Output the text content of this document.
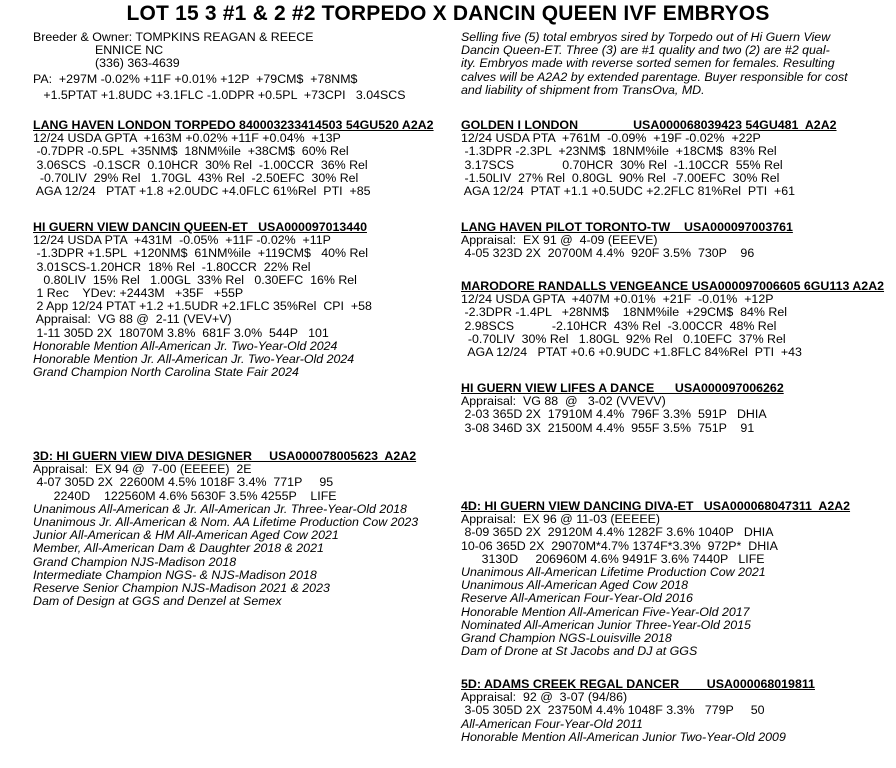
LOT 15 3 #1 & 2 #2 TORPEDO X DANCIN QUEEN IVF EMBRYOS
Breeder & Owner: TOMPKINS REAGAN & REECE
ENNICE NC
(336) 363-4639
PA:  +297M -0.02% +11F +0.01% +12P  +79CM$  +78NM$
+1.5PTAT +1.8UDC +3.1FLC -1.0DPR +0.5PL  +73CPI   3.04SCS
LANG HAVEN LONDON TORPEDO 840003233414503 54GU520 A2A2
12/24 USDA GPTA  +163M +0.02% +11F +0.04%  +13P
-0.7DPR -0.5PL  +35NM$  18NM%ile  +38CM$  60% Rel
3.06SCS  -0.1SCR  0.10HCR  30% Rel  -1.00CCR  36% Rel
-0.70LIV  29% Rel   1.70GL  43% Rel  -2.50EFC  30% Rel
AGA 12/24   PTAT +1.8 +2.0UDC +4.0FLC 61%Rel  PTI  +85
HI GUERN VIEW DANCIN QUEEN-ET   USA000097013440
12/24 USDA PTA  +431M  -0.05%  +11F -0.02%  +11P
-1.3DPR +1.5PL  +120NM$  61NM%ile  +119CM$   40% Rel
3.01SCS-1.20HCR  18% Rel  -1.80CCR  22% Rel
0.80LIV  15% Rel   1.00GL  33% Rel   0.30EFC  16% Rel
1 Rec    YDev: +2443M   +35F   +55P
2 App 12/24 PTAT +1.2 +1.5UDR +2.1FLC 35%Rel  CPI  +58
Appraisal:  VG 88 @  2-11 (VEV+V)
1-11 305D 2X  18070M 3.8%  681F 3.0%  544P   101
Honorable Mention All-American Jr. Two-Year-Old 2024
Honorable Mention Jr. All-American Jr. Two-Year-Old 2024
Grand Champion North Carolina State Fair 2024
3D: HI GUERN VIEW DIVA DESIGNER     USA000078005623  A2A2
Appraisal:  EX 94 @  7-00 (EEEEE)  2E
4-07 305D 2X  22600M 4.5% 1018F 3.4%  771P     95
2240D    122560M 4.6% 5630F 3.5% 4255P    LIFE
Unanimous All-American & Jr. All-American Jr. Three-Year-Old 2018
Unanimous Jr. All-American & Nom. AA Lifetime Production Cow 2023
Junior All-American & HM All-American Aged Cow 2021
Member, All-American Dam & Daughter 2018 & 2021
Grand Champion NJS-Madison 2018
Intermediate Champion NGS- & NJS-Madison 2018
Reserve Senior Champion NJS-Madison 2021 & 2023
Dam of Design at GGS and Denzel at Semex
Selling five (5) total embryos sired by Torpedo out of Hi Guern View
Dancin Queen-ET. Three (3) are #1 quality and two (2) are #2 qual-
ity. Embryos made with reverse sorted semen for females. Resulting
calves will be A2A2 by extended parentage. Buyer responsible for cost
and liability of shipment from TransOva, MD.
GOLDEN I LONDON                USA000068039423 54GU481  A2A2
12/24 USDA PTA  +761M  -0.09%  +19F -0.02%  +22P
-1.3DPR -2.3PL  +23NM$  18NM%ile  +18CM$  83% Rel
3.17SCS              0.70HCR  30% Rel  -1.10CCR  55% Rel
-1.50LIV  27% Rel  0.80GL  90% Rel  -7.00EFC  30% Rel
AGA 12/24  PTAT +1.1 +0.5UDC +2.2FLC 81%Rel  PTI  +61
LANG HAVEN PILOT TORONTO-TW    USA000097003761
Appraisal:  EX 91 @  4-09 (EEEVE)
4-05 323D 2X  20700M 4.4%  920F 3.5%  730P    96
MARODORE RANDALLS VENGEANCE USA000097006605 6GU113 A2A2
12/24 USDA GPTA  +407M +0.01%  +21F  -0.01%  +12P
-2.3DPR -1.4PL   +28NM$    18NM%ile  +29CM$  84% Rel
2.98SCS           -2.10HCR  43% Rel  -3.00CCR  48% Rel
-0.70LIV  30% Rel   1.80GL  92% Rel   0.10EFC  37% Rel
AGA 12/24   PTAT +0.6 +0.9UDC +1.8FLC 84%Rel  PTI  +43
HI GUERN VIEW LIFES A DANCE      USA000097006262
Appraisal:  VG 88  @   3-02 (VVEVV)
2-03 365D 2X  17910M 4.4%  796F 3.3%  591P   DHIA
3-08 346D 3X  21500M 4.4%  955F 3.5%  751P    91
4D: HI GUERN VIEW DANCING DIVA-ET   USA000068047311  A2A2
Appraisal:  EX 96 @ 11-03 (EEEEE)
8-09 365D 2X  29120M 4.4% 1282F 3.6% 1040P   DHIA
10-06 365D 2X  29070M*4.7% 1374F*3.3%  972P*  DHIA
3130D     206960M 4.6% 9491F 3.6% 7440P   LIFE
Unanimous All-American Lifetime Production Cow 2021
Unanimous All-American Aged Cow 2018
Reserve All-American Four-Year-Old 2016
Honorable Mention All-American Five-Year-Old 2017
Nominated All-American Junior Three-Year-Old 2015
Grand Champion NGS-Louisville 2018
Dam of Drone at St Jacobs and DJ at GGS
5D: ADAMS CREEK REGAL DANCER        USA000068019811
Appraisal:  92 @  3-07 (94/86)
3-05 305D 2X  23750M 4.4% 1048F 3.3%   779P     50
All-American Four-Year-Old 2011
Honorable Mention All-American Junior Two-Year-Old 2009
